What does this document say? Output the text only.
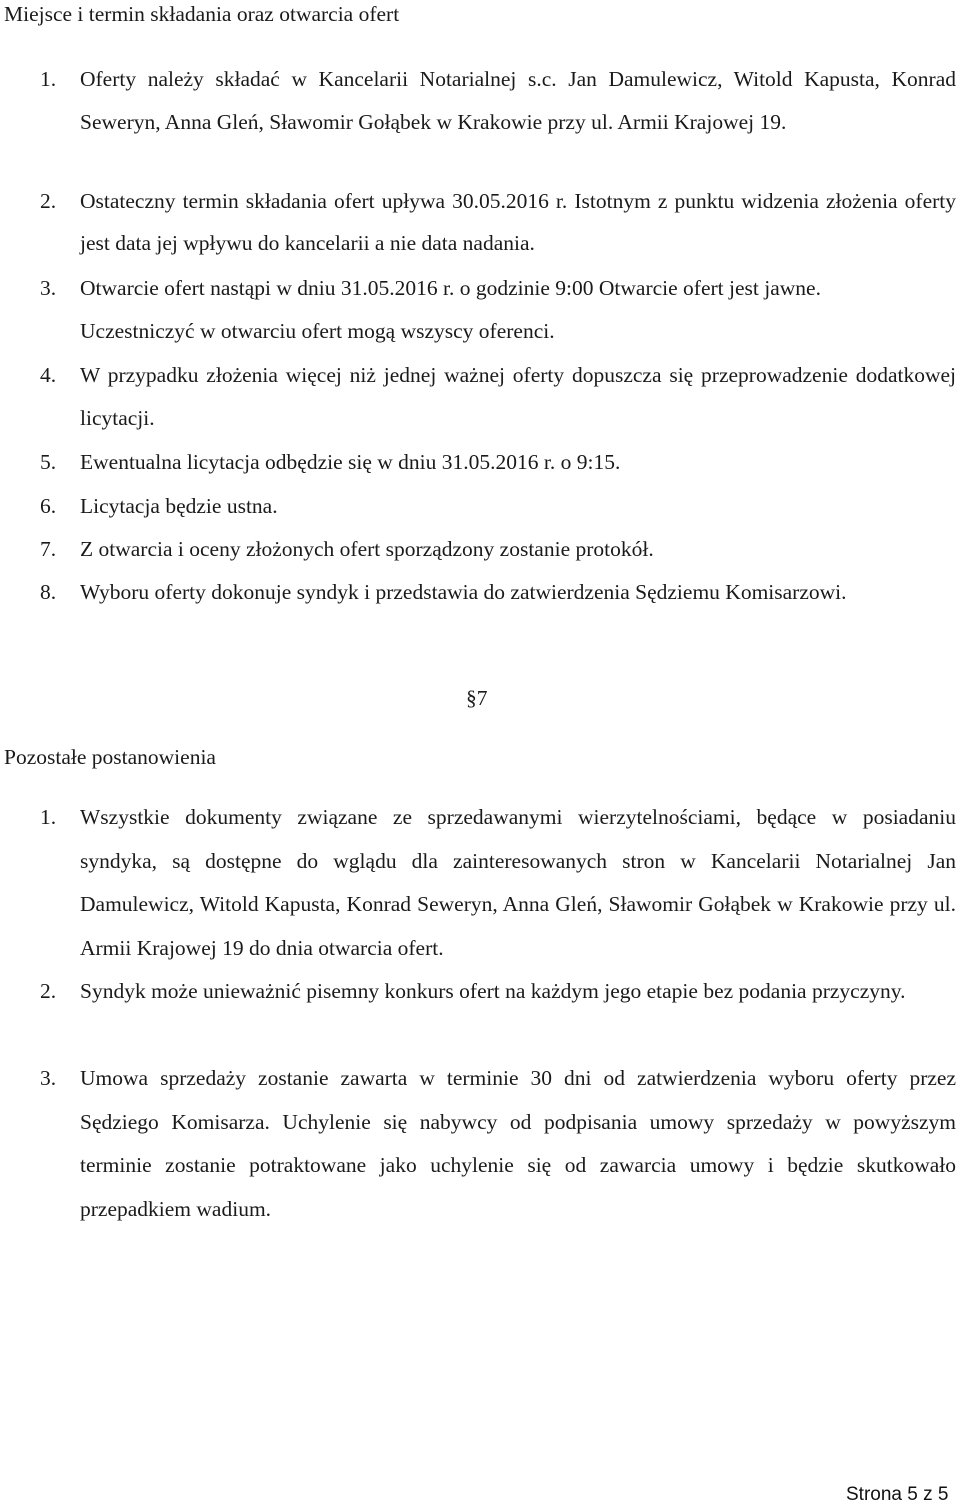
Miejsce i termin składania oraz otwarcia ofert
1.	Oferty należy składać w Kancelarii Notarialnej s.c. Jan Damulewicz, Witold Kapusta, Konrad Seweryn, Anna Gleń, Sławomir Gołąbek w Krakowie przy ul. Armii Krajowej 19.
2.	Ostateczny termin składania ofert upływa 30.05.2016 r. Istotnym z punktu widzenia złożenia oferty jest data jej wpływu do kancelarii a nie data nadania.
3.	Otwarcie ofert nastąpi w dniu 31.05.2016 r. o godzinie 9:00 Otwarcie ofert jest jawne. Uczestniczyć w otwarciu ofert mogą wszyscy oferenci.
4.	W przypadku złożenia więcej niż jednej ważnej oferty dopuszcza się przeprowadzenie dodatkowej licytacji.
5.	Ewentualna licytacja odbędzie się w dniu 31.05.2016 r. o 9:15.
6.	Licytacja będzie ustna.
7.	Z otwarcia i oceny złożonych ofert sporządzony zostanie protokół.
8.	Wyboru oferty dokonuje syndyk i przedstawia do zatwierdzenia Sędziemu Komisarzowi.
§7
Pozostałe postanowienia
1.	Wszystkie dokumenty związane ze sprzedawanymi wierzytelnościami, będące w posiadaniu syndyka, są dostępne do wglądu dla zainteresowanych stron w Kancelarii Notarialnej Jan Damulewicz, Witold Kapusta, Konrad Seweryn, Anna Gleń, Sławomir Gołąbek w Krakowie przy ul. Armii Krajowej 19 do dnia otwarcia ofert.
2.	Syndyk może unieważnić pisemny konkurs ofert na każdym jego etapie bez podania przyczyny.
3.	Umowa sprzedaży zostanie zawarta w terminie 30 dni od zatwierdzenia wyboru oferty przez Sędziego Komisarza. Uchylenie się nabywcy od podpisania umowy sprzedaży w powyższym terminie zostanie potraktowane jako uchylenie się od zawarcia umowy i będzie skutkowało przepadkiem wadium.
Strona 5 z 5
